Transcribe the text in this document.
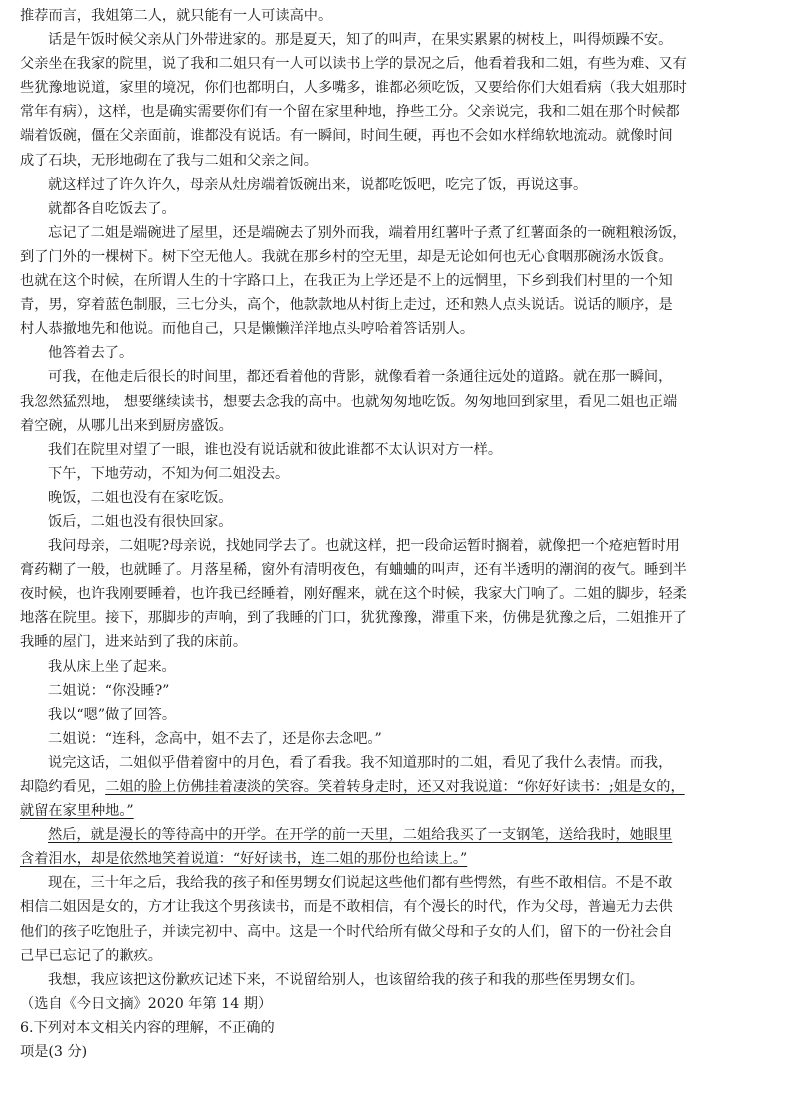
推荐而言，我姐第二人，就只能有一人可读高中。
话是午饭时候父亲从门外带进家的。那是夏天，知了的叫声，在果实累累的树枝上，叫得烦躁不安。
父亲坐在我家的院里，说了我和二姐只有一人可以读书上学的景况之后，他看着我和二姐，有些为难、又有
些犹豫地说道，家里的境况，你们也都明白，人多嘴多，谁都必须吃饭，又要给你们大姐看病（我大姐那时
常年有病），这样，也是确实需要你们有一个留在家里种地，挣些工分。父亲说完，我和二姐在那个时候都
端着饭碗，僵在父亲面前，谁都没有说话。有一瞬间，时间生硬，再也不会如水样绵软地流动。就像时间
成了石块，无形地砌在了我与二姐和父亲之间。
就这样过了许久许久，母亲从灶房端着饭碗出来，说都吃饭吧，吃完了饭，再说这事。
就都各自吃饭去了。
忘记了二姐是端碗进了屋里，还是端碗去了别外而我，端着用红薯叶子煮了红薯面条的一碗粗粮汤饭，
到了门外的一棵树下。树下空无他人。我就在那乡村的空无里，却是无论如何也无心食咽那碗汤水饭食。
也就在这个时候，在所谓人生的十字路口上，在我正为上学还是不上的远惘里，下乡到我们村里的一个知
青，男，穿着蓝色制服，三七分头，高个，他款款地从村街上走过，还和熟人点头说话。说话的顺序，是
村人恭撤地先和他说。而他自己，只是懒懒洋洋地点头哼哈着答话别人。
他答着去了。
可我，在他走后很长的时间里，都还看着他的背影，就像看着一条通往远处的道路。就在那一瞬间，
我忽然猛烈地， 想要继续读书，想要去念我的高中。也就匆匆地吃饭。匆匆地回到家里，看见二姐也正端
着空碗，从哪儿出来到厨房盛饭。
我们在院里对望了一眼，谁也没有说话就和彼此谁都不太认识对方一样。
下午，下地劳动，不知为何二姐没去。
晚饭，二姐也没有在家吃饭。
饭后，二姐也没有很快回家。
我问母亲，二姐呢?母亲说，找她同学去了。也就这样，把一段命运暂时搁着，就像把一个疮疤暂时用
膏药糊了一般，也就睡了。月落星稀，窗外有清明夜色，有蛐蛐的叫声，还有半透明的潮润的夜气。睡到半
夜时候，也许我刚要睡着，也许我已经睡着，刚好醒来，就在这个时候，我家大门响了。二姐的脚步，轻柔
地落在院里。接下，那脚步的声响，到了我睡的门口，犹犹豫豫，滞重下来，仿佛是犹豫之后，二姐推开了
我睡的屋门，进来站到了我的床前。
我从床上坐了起来。
二姐说：“你没睡?”
我以“嗯”做了回答。
二姐说：“连科，念高中，姐不去了，还是你去念吧。”
说完这话，二姐似乎借着窗中的月色，看了看我。我不知道那时的二姐，看见了我什么表情。而我，
却隐约看见，二姐的脸上仿佛挂着凄淡的笑容。笑着转身走时，还又对我说道：“你好好读书：;姐是女的，
就留在家里种地。”
然后，就是漫长的等待高中的开学。在开学的前一天里，二姐给我买了一支钢笔，送给我时，她眼里
含着泪水，却是依然地笑着说道：“好好读书，连二姐的那份也给读上。”
现在，三十年之后，我给我的孩子和侄男甥女们说起这些他们都有些愕然，有些不敢相信。不是不敢
相信二姐因是女的，方才让我这个男孩读书，而是不敢相信，有个漫长的时代，作为父母，普遍无力去供
他们的孩子吃饱肚子，并读完初中、高中。这是一个时代给所有做父母和子女的人们，留下的一份社会自
己早已忘记了的歉疚。
我想，我应该把这份歉疚记述下来，不说留给别人，也该留给我的孩子和我的那些侄男甥女们。
（选自《今日文摘》2020 年第 14 期）
6.下列对本文相关内容的理解，不正确的
项是(3 分)
